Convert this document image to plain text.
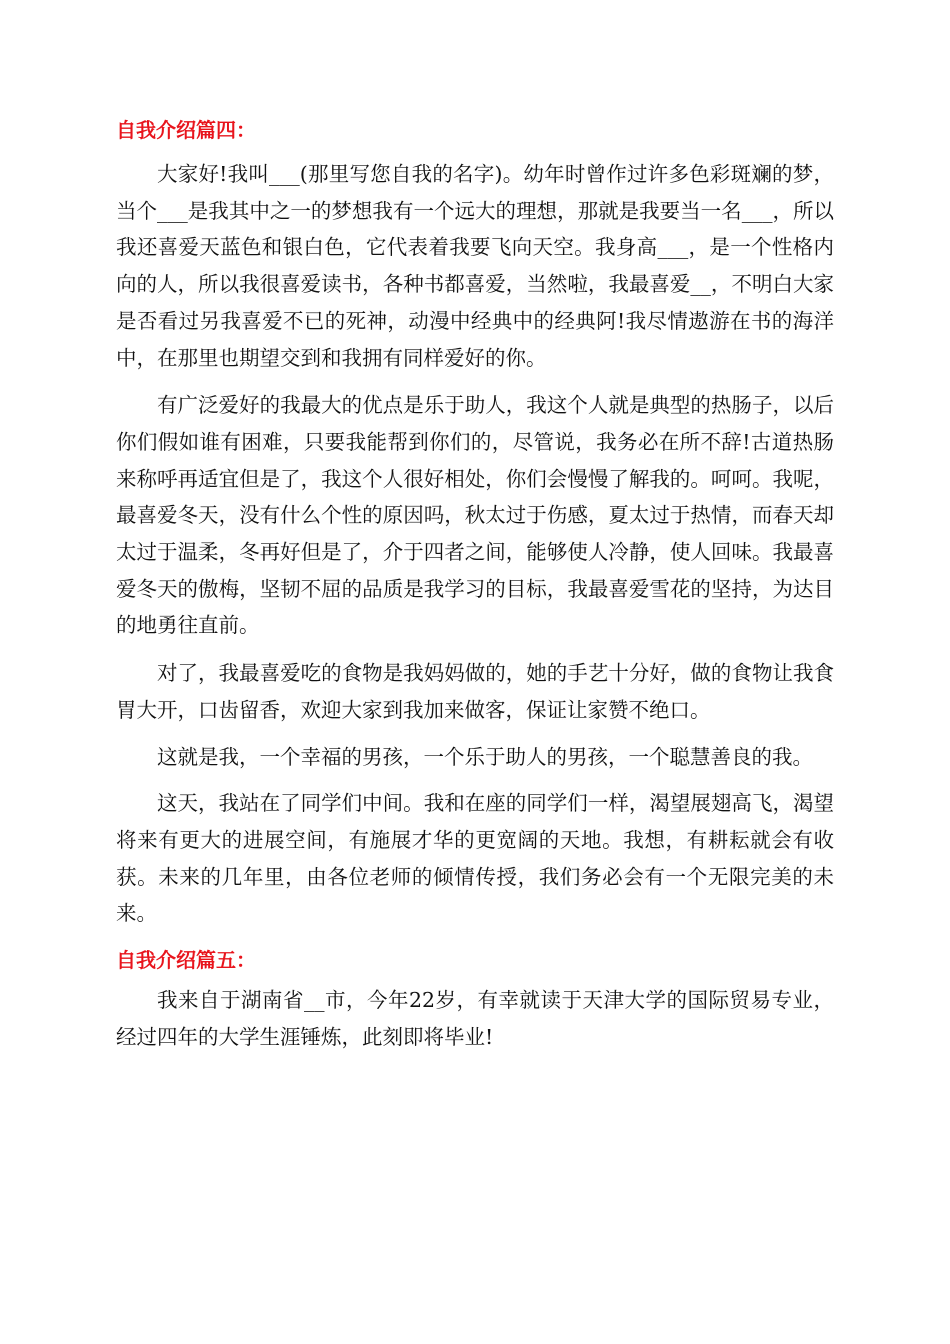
自我介绍篇四：

大家好!我叫___(那里写您自我的名字)。幼年时曾作过许多色彩斑斓的梦，当个___是我其中之一的梦想我有一个远大的理想，那就是我要当一名___，所以我还喜爱天蓝色和银白色，它代表着我要飞向天空。我身高___，是一个性格内向的人，所以我很喜爱读书，各种书都喜爱，当然啦，我最喜爱__，不明白大家是否看过另我喜爱不已的死神，动漫中经典中的经典阿!我尽情遨游在书的海洋中，在那里也期望交到和我拥有同样爱好的你。

有广泛爱好的我最大的优点是乐于助人，我这个人就是典型的热肠子，以后你们假如谁有困难，只要我能帮到你们的，尽管说，我务必在所不辞!古道热肠来称呼再适宜但是了，我这个人很好相处，你们会慢慢了解我的。呵呵。我呢，最喜爱冬天，没有什么个性的原因吗，秋太过于伤感，夏太过于热情，而春天却太过于温柔，冬再好但是了，介于四者之间，能够使人冷静，使人回味。我最喜爱冬天的傲梅，坚韧不屈的品质是我学习的目标，我最喜爱雪花的坚持，为达目的地勇往直前。

对了，我最喜爱吃的食物是我妈妈做的，她的手艺十分好，做的食物让我食胃大开，口齿留香，欢迎大家到我加来做客，保证让家赞不绝口。

这就是我，一个幸福的男孩，一个乐于助人的男孩，一个聪慧善良的我。

这天，我站在了同学们中间。我和在座的同学们一样，渴望展翅高飞，渴望将来有更大的进展空间，有施展才华的更宽阔的天地。我想，有耕耘就会有收获。未来的几年里，由各位老师的倾情传授，我们务必会有一个无限完美的未来。

自我介绍篇五：

我来自于湖南省__市，今年22岁，有幸就读于天津大学的国际贸易专业，经过四年的大学生涯锤炼，此刻即将毕业!
